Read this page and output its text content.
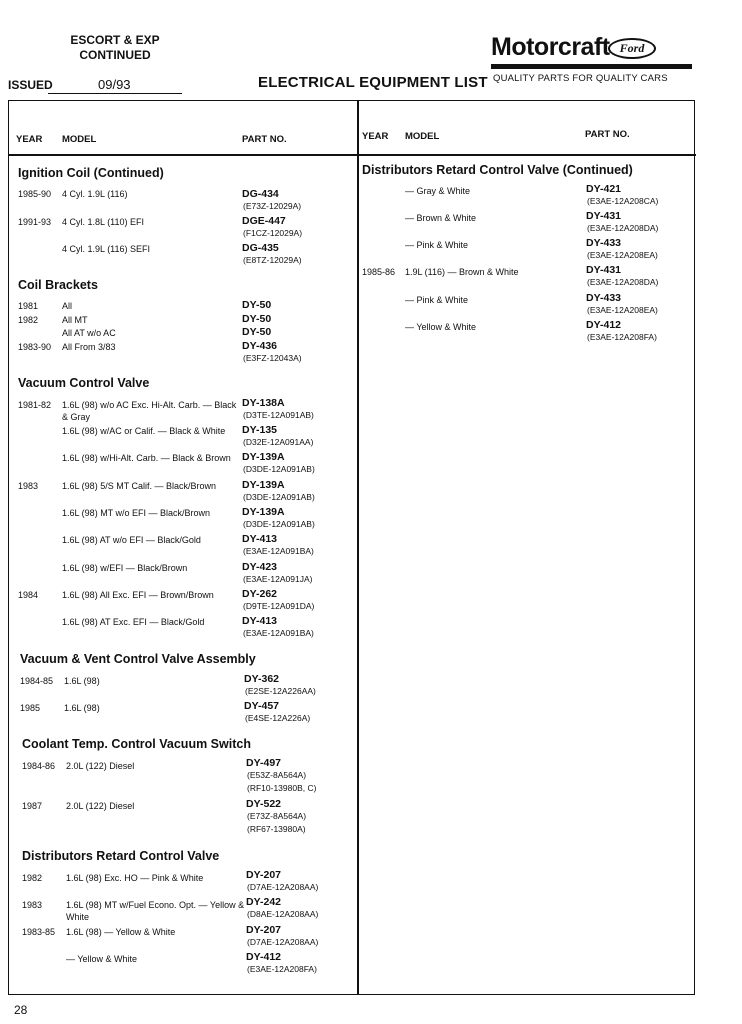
ESCORT & EXP
CONTINUED
ISSUED	09/93	ELECTRICAL EQUIPMENT LIST
Motorcraft Ford
QUALITY PARTS FOR QUALITY CARS
YEAR MODEL	PART NO.	YEAR MODEL	PART NO.
Ignition Coil (Continued)
1985-90 4 Cyl. 1.9L (116)	DG-434
(E73Z-12029A)
1991-93 4 Cyl. 1.8L (110) EFI	DGE-447
(F1CZ-12029A)
4 Cyl. 1.9L (116) SEFI	DG-435
(E8TZ-12029A)
Coil Brackets
1981	All	DY-50
1982	All MT	DY-50
All AT w/o AC	DY-50
1983-90 All From 3/83	DY-436
(E3FZ-12043A)
Vacuum Control Valve
1981-82 1.6L (98) w/o AC Exc. Hi-Alt. Carb. — Black
& Gray
DY-138A
(D3TE-12A091AB)
1.6L (98) w/AC or Calif. — Black & White DY-135
(D32E-12A091AA)
1.6L (98) w/Hi-Alt. Carb. — Black & Brown DY-139A
(D3DE-12A091AB)
1983	1.6L (98) 5/S MT Calif. — Black/Brown DY-139A
(D3DE-12A091AB)
1.6L (98) MT w/o EFI — Black/Brown	DY-139A
(D3DE-12A091AB)
1.6L (98) AT w/o EFI — Black/Gold	DY-413
(E3AE-12A091BA)
1.6L (98) w/EFI — Black/Brown	DY-423
(E3AE-12A091JA)
1984	1.6L (98) All Exc. EFI — Brown/Brown	DY-262
(D9TE-12A091DA)
1.6L (98) AT Exc. EFI — Black/Gold	DY-413
(E3AE-12A091BA)
Vacuum & Vent Control Valve Assembly
1984-85 1.6L (98)	DY-362
(E2SE-12A226AA)
1985	1.6L (98)	DY-457
(E4SE-12A226A)
Coolant Temp. Control Vacuum Switch
1984-86 2.0L (122) Diesel	DY-497
(E53Z-8A564A)
(RF10-13980B, C)
1987	2.0L (122) Diesel	DY-522
(E73Z-8A564A)
(RF67-13980A)
Distributors Retard Control Valve
1982	1.6L (98) Exc. HO — Pink & White	DY-207
(D7AE-12A208AA)
1983	1.6L (98) MT w/Fuel Econo. Opt. — Yellow &
White
DY-242
(D8AE-12A208AA)
1983-85 1.6L (98) — Yellow & White	DY-207
(D7AE-12A208AA)
— Yellow & White	DY-412
(E3AE-12A208FA)
Distributors Retard Control Valve (Continued)
— Gray & White	DY-421
(E3AE-12A208CA)
— Brown & White	DY-431
(E3AE-12A208DA)
— Pink & White	DY-433
(E3AE-12A208EA)
1985-86 1.9L (116) — Brown & White	DY-431
(E3AE-12A208DA)
— Pink & White	DY-433
(E3AE-12A208EA)
— Yellow & White	DY-412
(E3AE-12A208FA)
28
